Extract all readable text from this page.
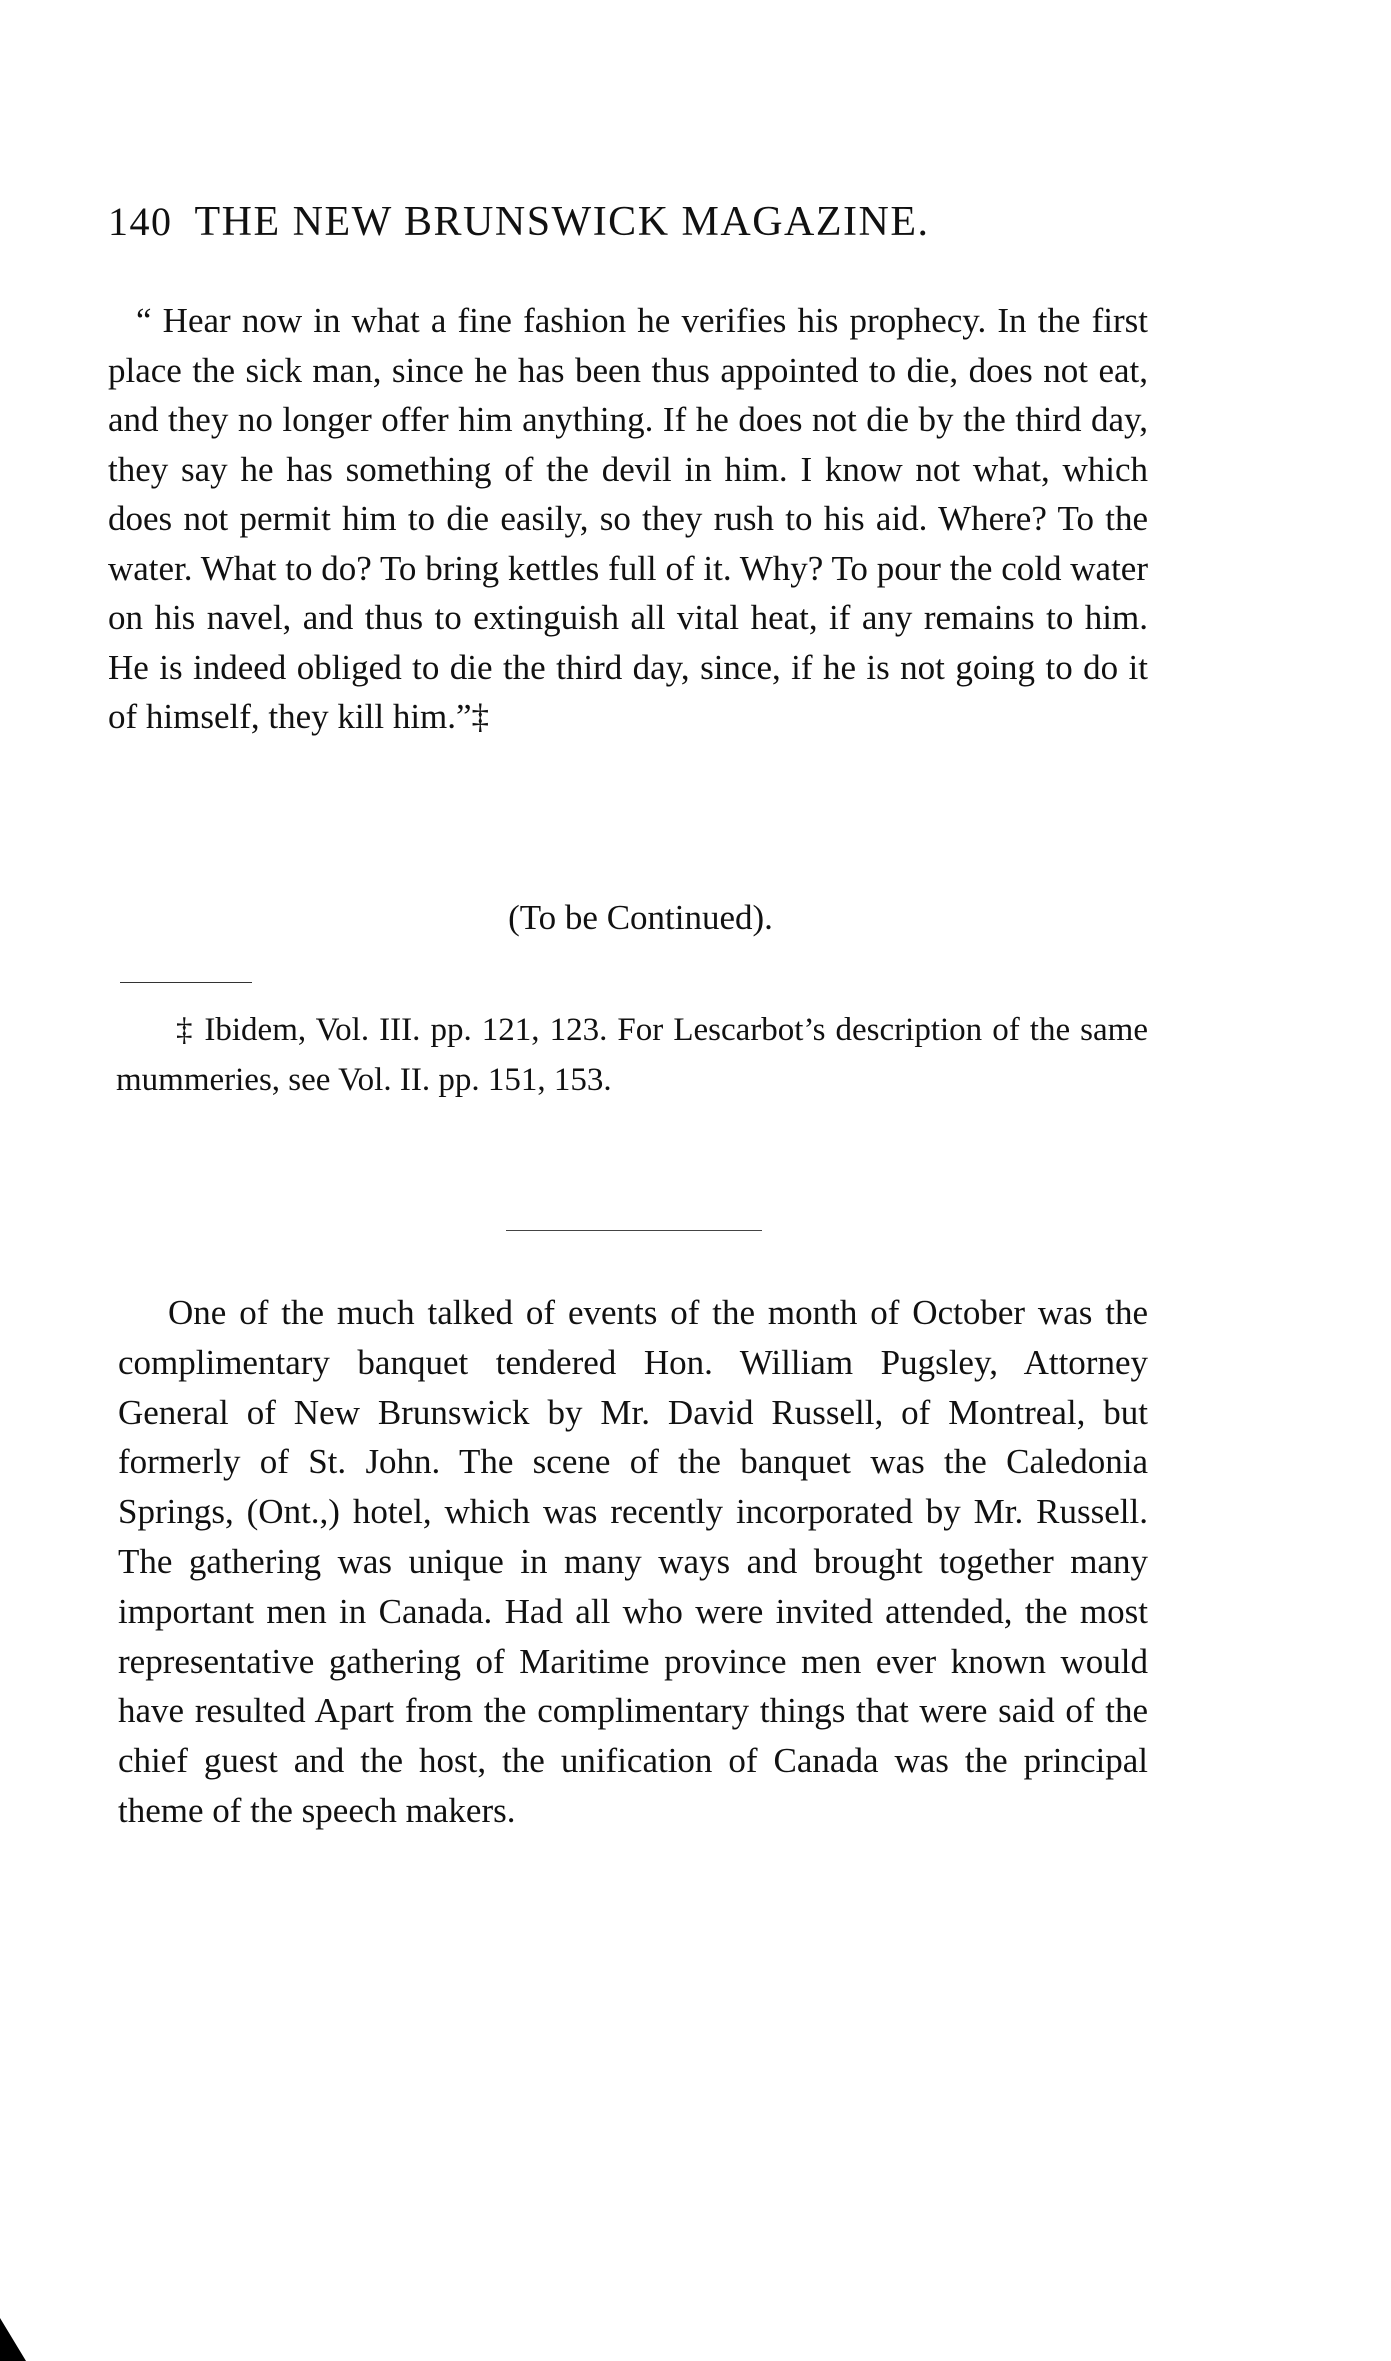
140 THE NEW BRUNSWICK MAGAZINE.

“ Hear now in what a fine fashion he verifies his prophecy. In the first place the sick man, since he has been thus appointed to die, does not eat, and they no longer offer him anything. If he does not die by the third day, they say he has something of the devil in him. I know not what, which does not permit him to die easily, so they rush to his aid. Where? To the water. What to do? To bring kettles full of it. Why? To pour the cold water on his navel, and thus to extinguish all vital heat, if any remains to him. He is indeed obliged to die the third day, since, if he is not going to do it of himself, they kill him.”‡

(To be Continued).

‡ Ibidem, Vol. III. pp. 121, 123. For Lescarbot’s description of the same mummeries, see Vol. II. pp. 151, 153.

One of the much talked of events of the month of October was the complimentary banquet tendered Hon. William Pugsley, Attorney General of New Brunswick by Mr. David Russell, of Montreal, but formerly of St. John. The scene of the banquet was the Caledonia Springs, (Ont.,) hotel, which was recently incorporated by Mr. Russell. The gathering was unique in many ways and brought together many important men in Canada. Had all who were invited attended, the most representative gathering of Maritime province men ever known would have resulted Apart from the complimentary things that were said of the chief guest and the host, the unification of Canada was the principal theme of the speech makers.
